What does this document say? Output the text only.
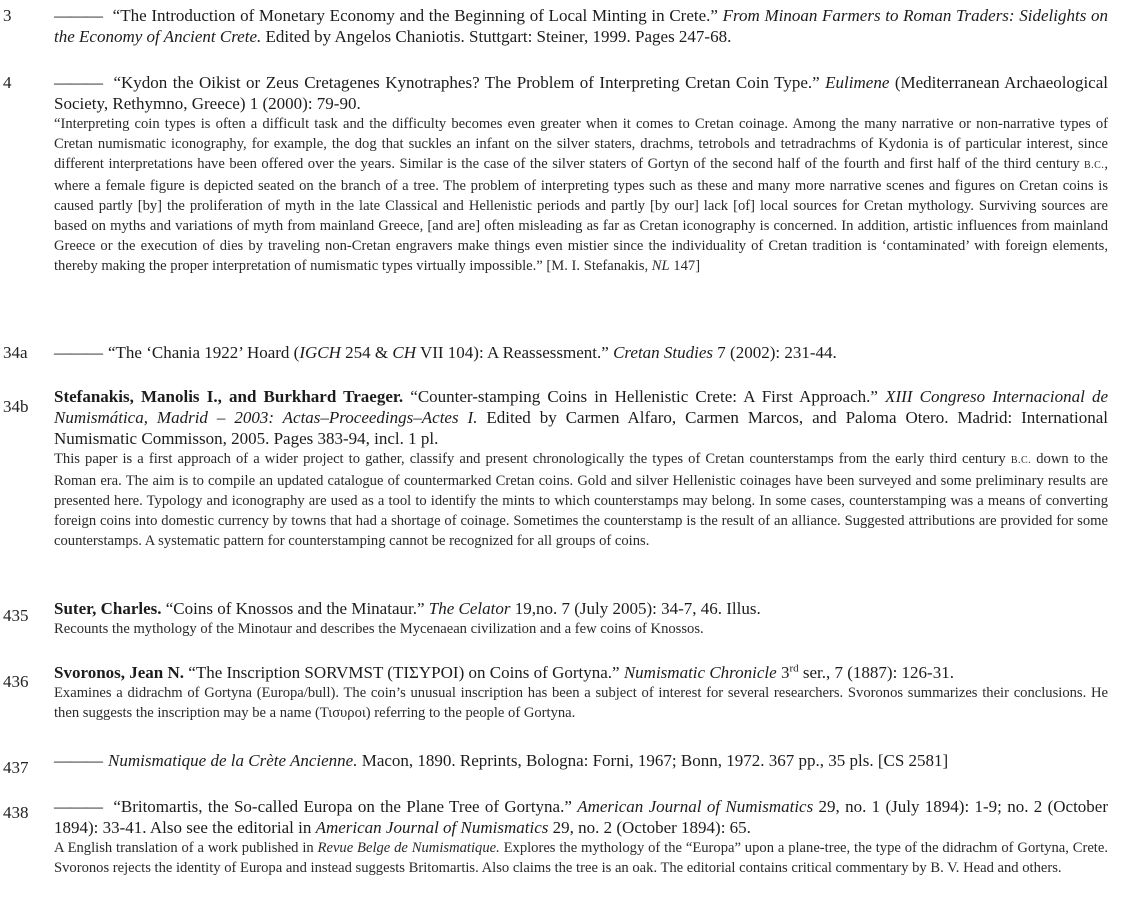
3	——— “The Introduction of Monetary Economy and the Beginning of Local Minting in Crete.” From Minoan Farmers to Roman Traders: Sidelights on the Economy of Ancient Crete. Edited by Angelos Chaniotis. Stuttgart: Steiner, 1999. Pages 247-68.

4	——— “Kydon the Oikist or Zeus Cretagenes Kynotraphes? The Problem of Interpreting Cretan Coin Type.” Eulimene (Mediterranean Archaeological Society, Rethymno, Greece) 1 (2000): 79-90.

“Interpreting coin types is often a difficult task and the difficulty becomes even greater when it comes to Cretan coinage. Among the many narrative or non-narrative types of Cretan numismatic iconography, for example, the dog that suckles an infant on the silver staters, drachms, tetrobols and tetradrachms of Kydonia is of particular interest, since different interpretations have been offered over the years. Similar is the case of the silver staters of Gortyn of the second half of the fourth and first half of the third century B.C., where a female figure is depicted seated on the branch of a tree. The problem of interpreting types such as these and many more narrative scenes and figures on Cretan coins is caused partly [by] the proliferation of myth in the late Classical and Hellenistic periods and partly [by our] lack [of] local sources for Cretan mythology. Surviving sources are based on myths and variations of myth from mainland Greece, [and are] often misleading as far as Cretan iconography is concerned. In addition, artistic influences from mainland Greece or the execution of dies by traveling non-Cretan engravers make things even mistier since the individuality of Cretan tradition is ‘contaminated’ with foreign elements, thereby making the proper interpretation of numismatic types virtually impossible.” [M. I. Stefanakis, NL 147]

34a ——— “The ‘Chania 1922’ Hoard (IGCH 254 & CH VII 104): A Reassessment.” Cretan Studies 7 (2002): 231-44.

34b

Stefanakis, Manolis I., and Burkhard Traeger. “Counter-stamping Coins in Hellenistic Crete: A First Approach.” XIII Congreso Internacional de Numismática, Madrid – 2003: Actas–Proceedings–Actes I. Edited by Carmen Alfaro, Carmen Marcos, and Paloma Otero. Madrid: International Numismatic Commisson, 2005. Pages 383-94, incl. 1 pl.

This paper is a first approach of a wider project to gather, classify and present chronologically the types of Cretan counterstamps from the early third century B.C. down to the Roman era. The aim is to compile an updated catalogue of countermarked Cretan coins. Gold and silver Hellenistic coinages have been surveyed and some preliminary results are presented here. Typology and iconography are used as a tool to identify the mints to which counterstamps may belong. In some cases, counterstamping was a means of converting foreign coins into domestic currency by towns that had a shortage of coinage. Sometimes the counterstamp is the result of an alliance. Suggested attributions are provided for some counterstamps. A systematic pattern for counterstamping cannot be recognized for all groups of coins.

435 Suter, Charles. “Coins of Knossos and the Minataur.” The Celator 19,no. 7 (July 2005): 34-7, 46. Illus.

Recounts the mythology of the Minotaur and describes the Mycenaean civilization and a few coins of Knossos.

436 Svoronos, Jean N. “The Inscription SORVMST (ΤΙΣΥΡΟΙ) on Coins of Gortyna.” Numismatic Chronicle 3rd ser., 7 (1887): 126-31.

Examines a didrachm of Gortyna (Europa/bull). The coin’s unusual inscription has been a subject of interest for several researchers. Svoronos summarizes their conclusions. He then suggests the inscription may be a name (Τισυροι) referring to the people of Gortyna.

437 ——— Numismatique de la Crète Ancienne. Macon, 1890. Reprints, Bologna: Forni, 1967; Bonn, 1972. 367 pp., 35 pls. [CS 2581]

438 ——— “Britomartis, the So-called Europa on the Plane Tree of Gortyna.” American Journal of Numismatics 29, no. 1 (July 1894): 1-9; no. 2 (October 1894): 33-41. Also see the editorial in American Journal of Numismatics 29, no. 2 (October 1894): 65.

A English translation of a work published in Revue Belge de Numismatique. Explores the mythology of the “Europa” upon a plane-tree, the type of the didrachm of Gortyna, Crete. Svoronos rejects the identity of Europa and instead suggests Britomartis. Also claims the tree is an oak. The editorial contains critical commentary by B. V. Head and others.
